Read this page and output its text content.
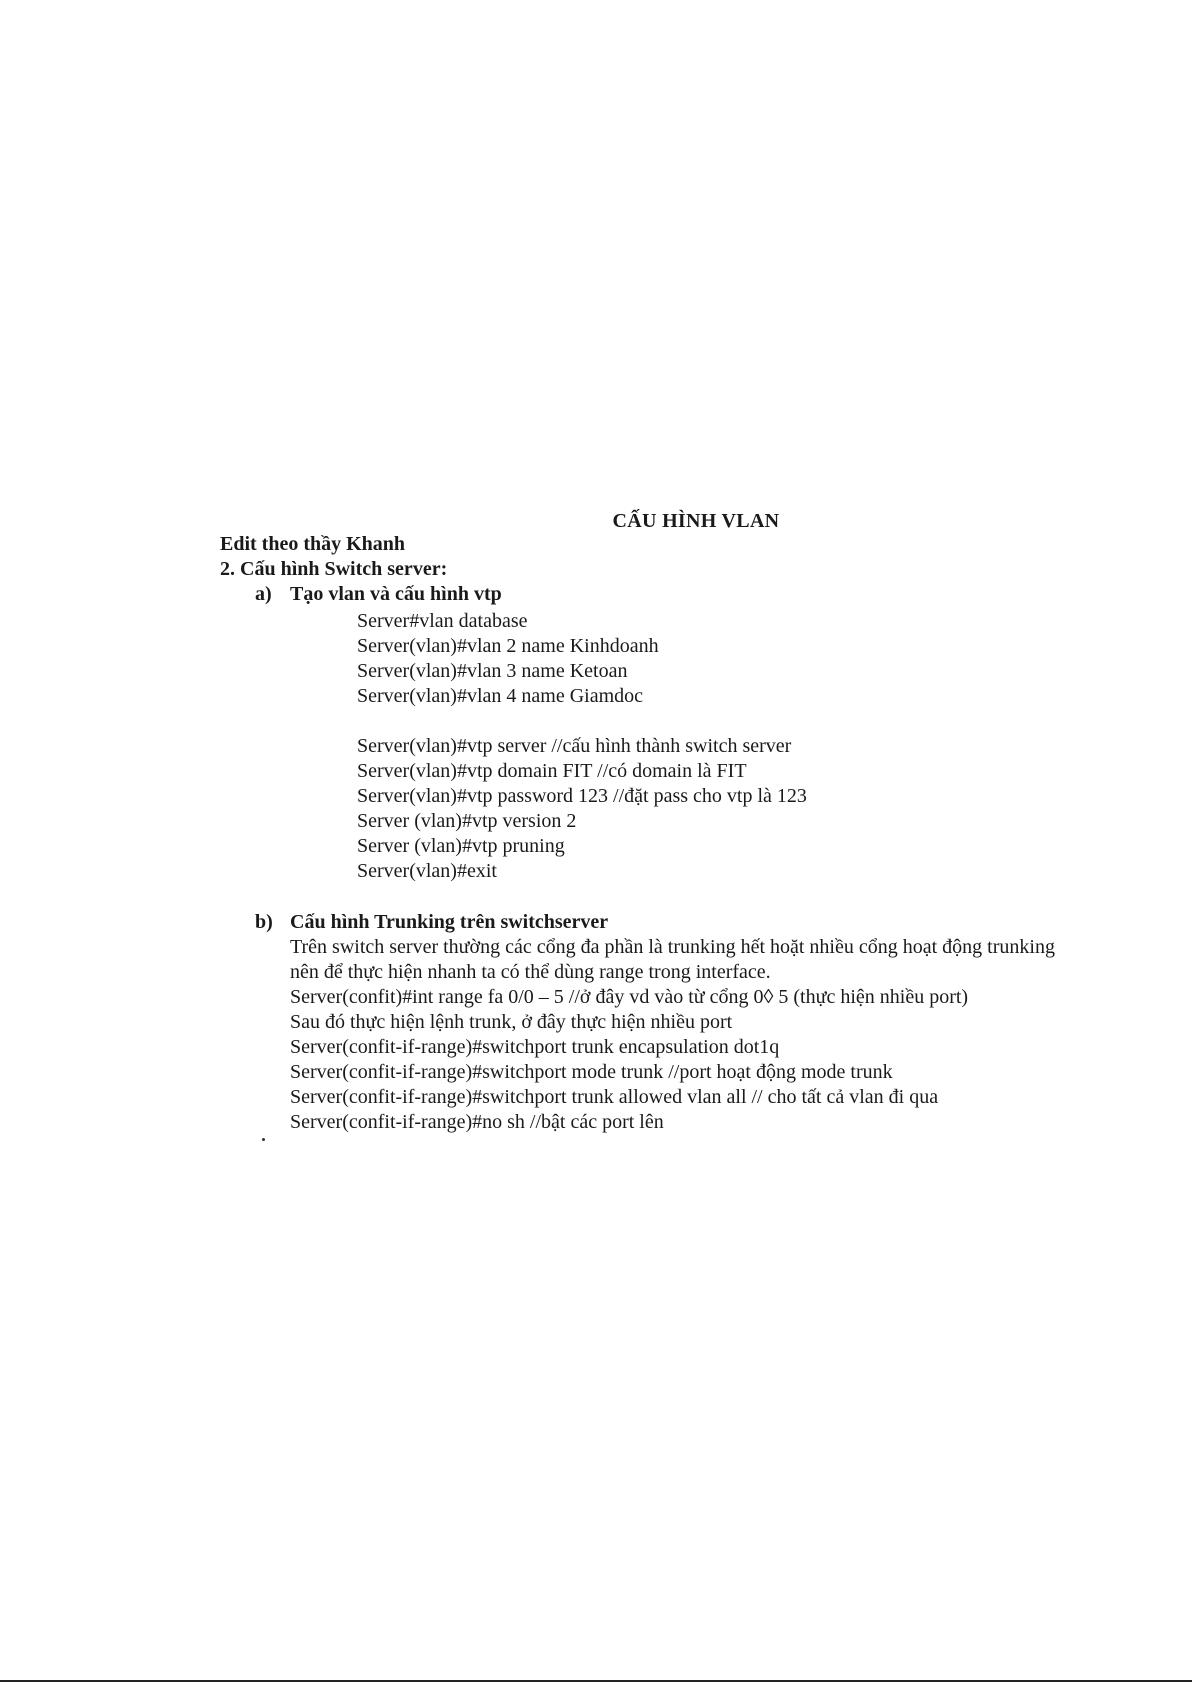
CẤU HÌNH VLAN
Edit theo thầy Khanh
2. Cấu hình Switch server:
a) Tạo vlan và cấu hình vtp
Server#vlan database
Server(vlan)#vlan 2 name Kinhdoanh
Server(vlan)#vlan 3 name Ketoan
Server(vlan)#vlan 4 name Giamdoc
Server(vlan)#vtp server //cấu hình thành switch server
Server(vlan)#vtp domain FIT //có domain là FIT
Server(vlan)#vtp password 123 //đặt pass cho vtp là 123
Server (vlan)#vtp version 2
Server (vlan)#vtp pruning
Server(vlan)#exit
b) Cấu hình Trunking trên switchserver
Trên switch server thường các cổng đa phần là trunking hết hoặt nhiều cổng hoạt động trunking
nên để thực hiện nhanh ta có thể dùng range trong interface.
Server(confit)#int range fa 0/0 – 5 //ở đây vd vào từ cổng 0◊ 5 (thực hiện nhiều port)
Sau đó thực hiện lệnh trunk, ở đây thực hiện nhiều port
Server(confit-if-range)#switchport trunk encapsulation dot1q
Server(confit-if-range)#switchport mode trunk //port hoạt động mode trunk
Server(confit-if-range)#switchport trunk allowed vlan all // cho tất cả vlan đi qua
Server(confit-if-range)#no sh //bật các port lên
